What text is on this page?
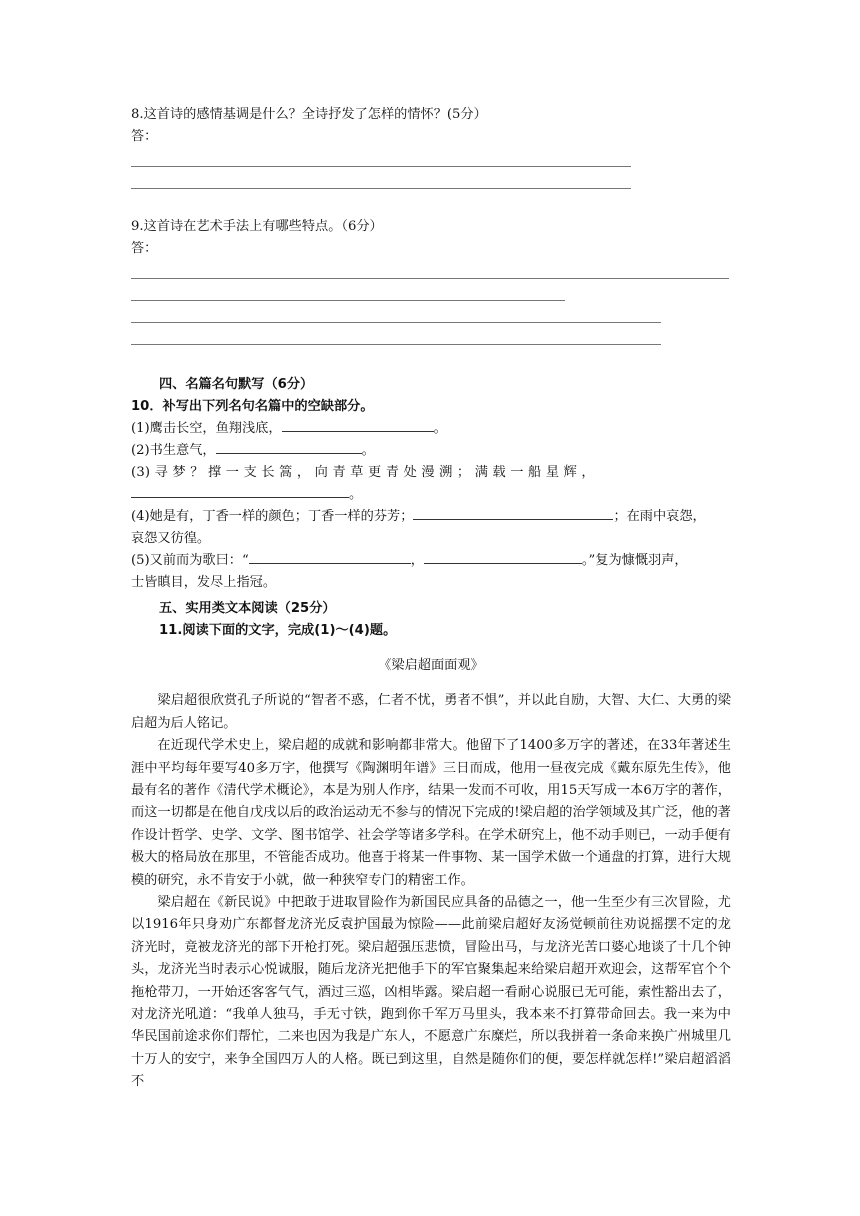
8.这首诗的感情基调是什么？全诗抒发了怎样的情怀？(5分）

答：

9.这首诗在艺术手法上有哪些特点。（6分）

答：

四、名篇名句默写（6分）

10．补写出下列名句名篇中的空缺部分。

(1)鹰击长空，鱼翔浅底，	。

(2)书生意气，	。

(3) 寻 梦 ？ 撑 一 支 长 篙 ， 向 青 草 更 青 处 漫 溯 ； 满 载 一 船 星 辉 ，

。

(4)她是有，丁香一样的颜色；丁香一样的芬芳；	；在雨中哀怨，

哀怨又彷徨。

(5)又前而为歌曰：“	，	。”复为慷慨羽声，

士皆瞋目，发尽上指冠。

五、实用类文本阅读（25分）

11.阅读下面的文字，完成(1)～(4)题。

《梁启超面面观》

梁启超很欣赏孔子所说的“智者不惑，仁者不忧，勇者不惧”，并以此自励，大智、大仁、大勇的梁启超为后人铭记。

在近现代学术史上，梁启超的成就和影响都非常大。他留下了1400多万字的著述，在33年著述生涯中平均每年要写40多万字，他撰写《陶渊明年谱》三日而成，他用一昼夜完成《戴东原先生传》，他最有名的著作《清代学术概论》，本是为别人作序，结果一发而不可收，用15天写成一本6万字的著作，而这一切都是在他自戊戌以后的政治运动无不参与的情况下完成的!梁启超的治学领域及其广泛，他的著作设计哲学、史学、文学、图书馆学、社会学等诸多学科。在学术研究上，他不动手则已，一动手便有极大的格局放在那里，不管能否成功。他喜于将某一件事物、某一国学术做一个通盘的打算，进行大规模的研究，永不肯安于小就，做一种狭窄专门的精密工作。

梁启超在《新民说》中把敢于进取冒险作为新国民应具备的品德之一，他一生至少有三次冒险，尤以1916年只身劝广东都督龙济光反袁护国最为惊险——此前梁启超好友汤觉顿前往劝说摇摆不定的龙济光时，竟被龙济光的部下开枪打死。梁启超强压悲愤，冒险出马，与龙济光苦口婆心地谈了十几个钟头，龙济光当时表示心悦诚服，随后龙济光把他手下的军官聚集起来给梁启超开欢迎会，这帮军官个个拖枪带刀，一开始还客客气气，酒过三巡，凶相毕露。梁启超一看耐心说服已无可能，索性豁出去了，对龙济光吼道：“我单人独马，手无寸铁，跑到你千军万马里头，我本来不打算带命回去。我一来为中华民国前途求你们帮忙，二来也因为我是广东人，不愿意广东糜烂，所以我拼着一条命来换广州城里几十万人的安宁，来争全国四万人的人格。既已到这里，自然是随你们的便，要怎样就怎样!”梁启超滔滔不
